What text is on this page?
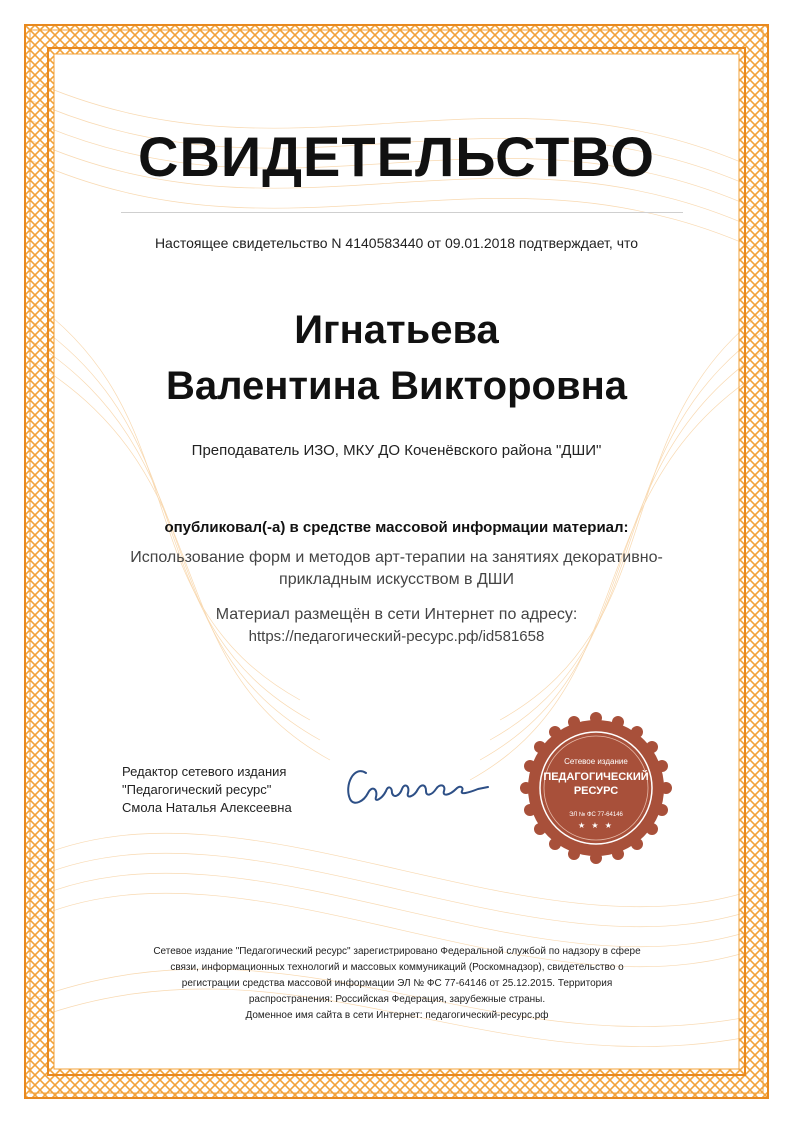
СВИДЕТЕЛЬСТВО
Настоящее свидетельство N 4140583440 от 09.01.2018 подтверждает, что
Игнатьева
Валентина Викторовна
Преподаватель ИЗО, МКУ ДО Коченёвского района "ДШИ"
опубликовал(-а) в средстве массовой информации материал:
Использование форм и методов арт-терапии на занятиях декоративно-прикладным искусством в ДШИ
Материал размещён в сети Интернет по адресу:
https://педагогический-ресурс.рф/id581658
Редактор сетевого издания
"Педагогический ресурс"
Смола Наталья Алексеевна
Сетевое издание
ПЕДАГОГИЧЕСКИЙ
РЕСУРС
ЭЛ № ФС 77-64146
★ ★ ★
Сетевое издание "Педагогический ресурс" зарегистрировано Федеральной службой по надзору в сфере
связи, информационных технологий и массовых коммуникаций (Роскомнадзор), свидетельство о
регистрации средства массовой информации ЭЛ № ФС 77-64146 от 25.12.2015. Территория
распространения: Российская Федерация, зарубежные страны.
Доменное имя сайта в сети Интернет: педагогический-ресурс.рф
